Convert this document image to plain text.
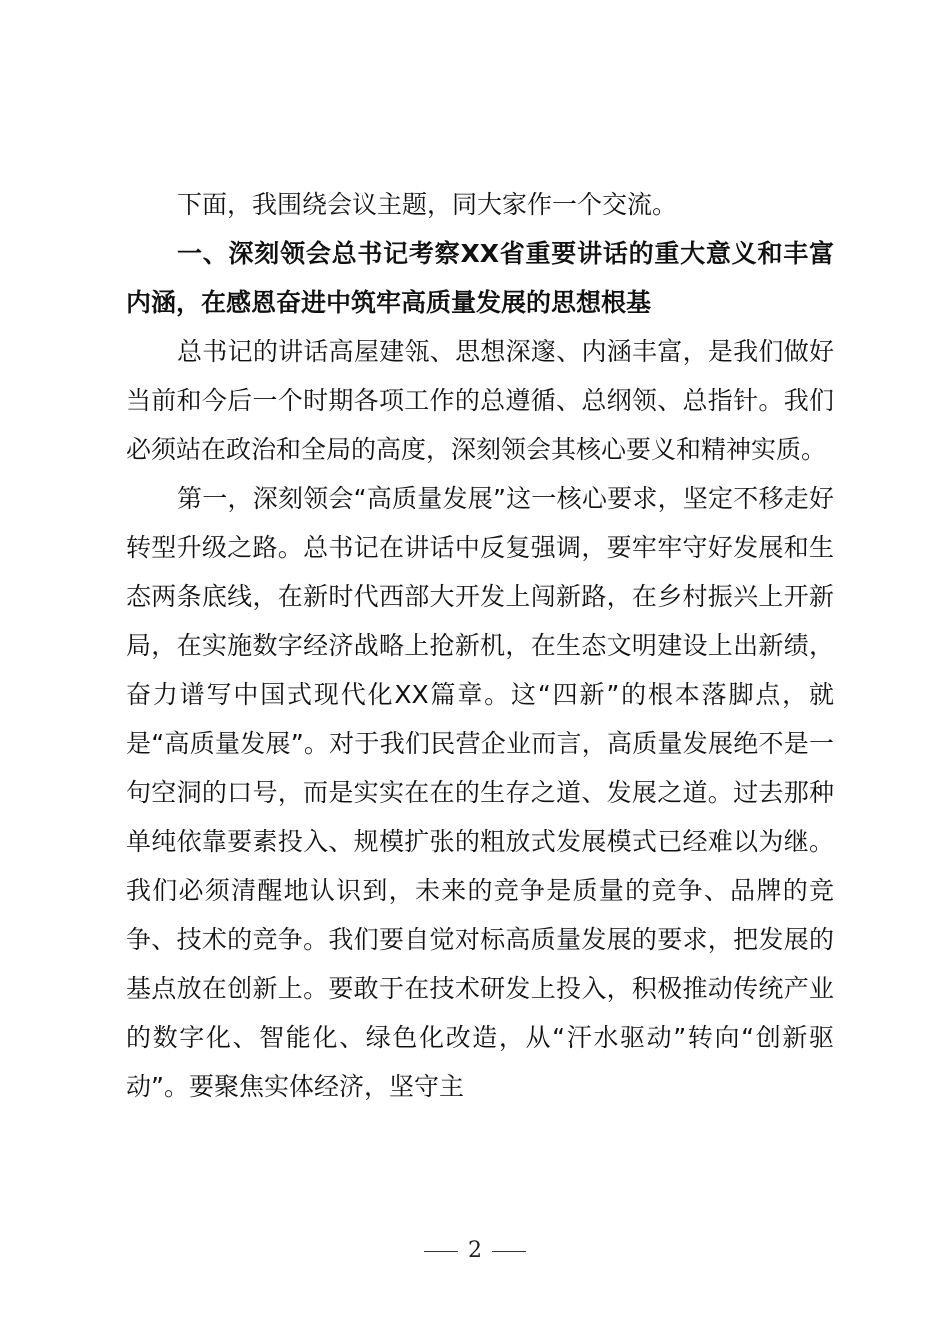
下面，我围绕会议主题，同大家作一个交流。

一、深刻领会总书记考察XX省重要讲话的重大意义和丰富内涵，在感恩奋进中筑牢高质量发展的思想根基

总书记的讲话高屋建瓴、思想深邃、内涵丰富，是我们做好当前和今后一个时期各项工作的总遵循、总纲领、总指针。我们必须站在政治和全局的高度，深刻领会其核心要义和精神实质。

第一，深刻领会“高质量发展”这一核心要求，坚定不移走好转型升级之路。总书记在讲话中反复强调，要牢牢守好发展和生态两条底线，在新时代西部大开发上闯新路，在乡村振兴上开新局，在实施数字经济战略上抢新机，在生态文明建设上出新绩，奋力谱写中国式现代化XX篇章。这“四新”的根本落脚点，就是“高质量发展”。对于我们民营企业而言，高质量发展绝不是一句空洞的口号，而是实实在在的生存之道、发展之道。过去那种单纯依靠要素投入、规模扩张的粗放式发展模式已经难以为继。我们必须清醒地认识到，未来的竞争是质量的竞争、品牌的竞争、技术的竞争。我们要自觉对标高质量发展的要求，把发展的基点放在创新上。要敢于在技术研发上投入，积极推动传统产业的数字化、智能化、绿色化改造，从“汗水驱动”转向“创新驱动”。要聚焦实体经济，坚守主

2
